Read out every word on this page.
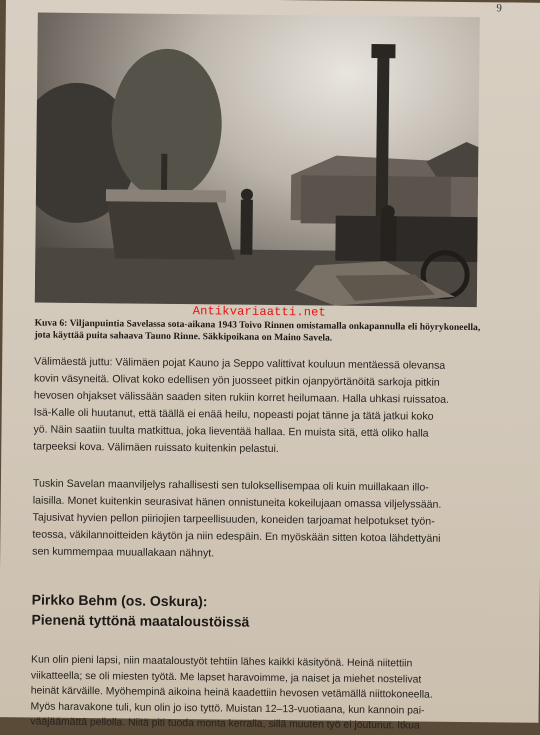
9
Antikvariaatti.net
Kuva 6: Viljanpuintia Savelassa sota-aikana 1943 Toivo Rinnen omistamalla onkapannulla eli höyrykoneella, jota käyttää puita sahaava Tauno Rinne. Säkkipoikana on Maino Savela.
Välimäestä juttu: Välimäen pojat Kauno ja Seppo valittivat kouluun mentäessä olevansa
kovin väsyneitä. Olivat koko edellisen yön juosseet pitkin ojanpyörtänöitä sarkoja pitkin
hevosen ohjakset välissään saaden siten rukiin korret heilumaan. Halla uhkasi ruissatoa.
Isä-Kalle oli huutanut, että täällä ei enää heilu, nopeasti pojat tänne ja tätä jatkui koko
yö. Näin saatiin tuulta matkittua, joka lieventää hallaa. En muista sitä, että oliko halla
tarpeeksi kova. Välimäen ruissato kuitenkin pelastui.
Tuskin Savelan maanviljelys rahallisesti sen tuloksellisempaa oli kuin muillakaan illo-
laisilla. Monet kuitenkin seurasivat hänen onnistuneita kokeilujaan omassa viljelyssään.
Tajusivat hyvien pellon piiriojien tarpeellisuuden, koneiden tarjoamat helpotukset työn-
teossa, väkilannoitteiden käytön ja niin edespäin. En myöskään sitten kotoa lähdettyäni
sen kummempaa muuallakaan nähnyt.
Pirkko Behm (os. Oskura):
Pienenä tyttönä maataloustöissä
Kun olin pieni lapsi, niin maataloustyöt tehtiin lähes kaikki käsityönä. Heinä niitettiin
viikatteella; se oli miesten työtä. Me lapset haravoimme, ja naiset ja miehet nostelivat
heinät kärväille. Myöhempinä aikoina heinä kaadettiin hevosen vetämällä niittokoneella.
Myös haravakone tuli, kun olin jo iso tyttö. Muistan 12–13-vuotiaana, kun kannoin pai-
vääjäämättä pellolla. Niitä piti tuoda monta kerralla, sillä muuten työ ei joutunut. Itkua
